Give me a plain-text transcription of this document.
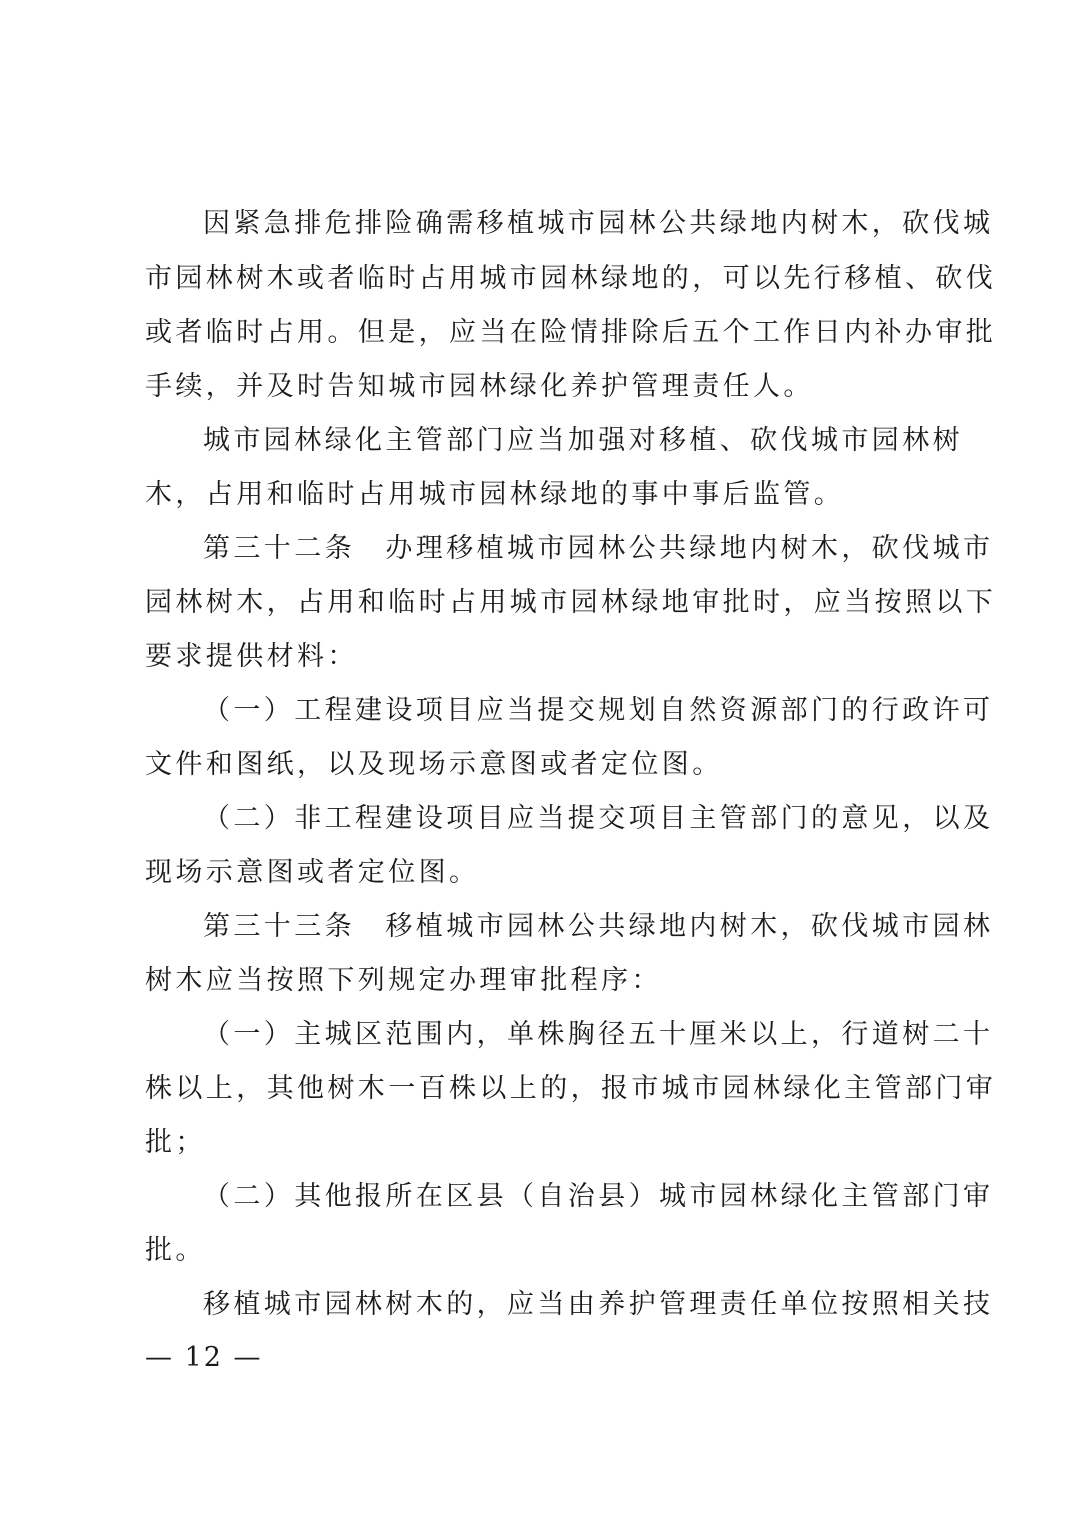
因紧急排危排险确需移植城市园林公共绿地内树木，砍伐城
市园林树木或者临时占用城市园林绿地的，可以先行移植、砍伐
或者临时占用。但是，应当在险情排除后五个工作日内补办审批
手续，并及时告知城市园林绿化养护管理责任人。
城市园林绿化主管部门应当加强对移植、砍伐城市园林树
木，占用和临时占用城市园林绿地的事中事后监管。
第三十二条　办理移植城市园林公共绿地内树木，砍伐城市
园林树木，占用和临时占用城市园林绿地审批时，应当按照以下
要求提供材料：
（一）工程建设项目应当提交规划自然资源部门的行政许可
文件和图纸，以及现场示意图或者定位图。
（二）非工程建设项目应当提交项目主管部门的意见，以及
现场示意图或者定位图。
第三十三条　移植城市园林公共绿地内树木，砍伐城市园林
树木应当按照下列规定办理审批程序：
（一）主城区范围内，单株胸径五十厘米以上，行道树二十
株以上，其他树木一百株以上的，报市城市园林绿化主管部门审
批；
（二）其他报所在区县（自治县）城市园林绿化主管部门审
批。
移植城市园林树木的，应当由养护管理责任单位按照相关技
— 12 —
